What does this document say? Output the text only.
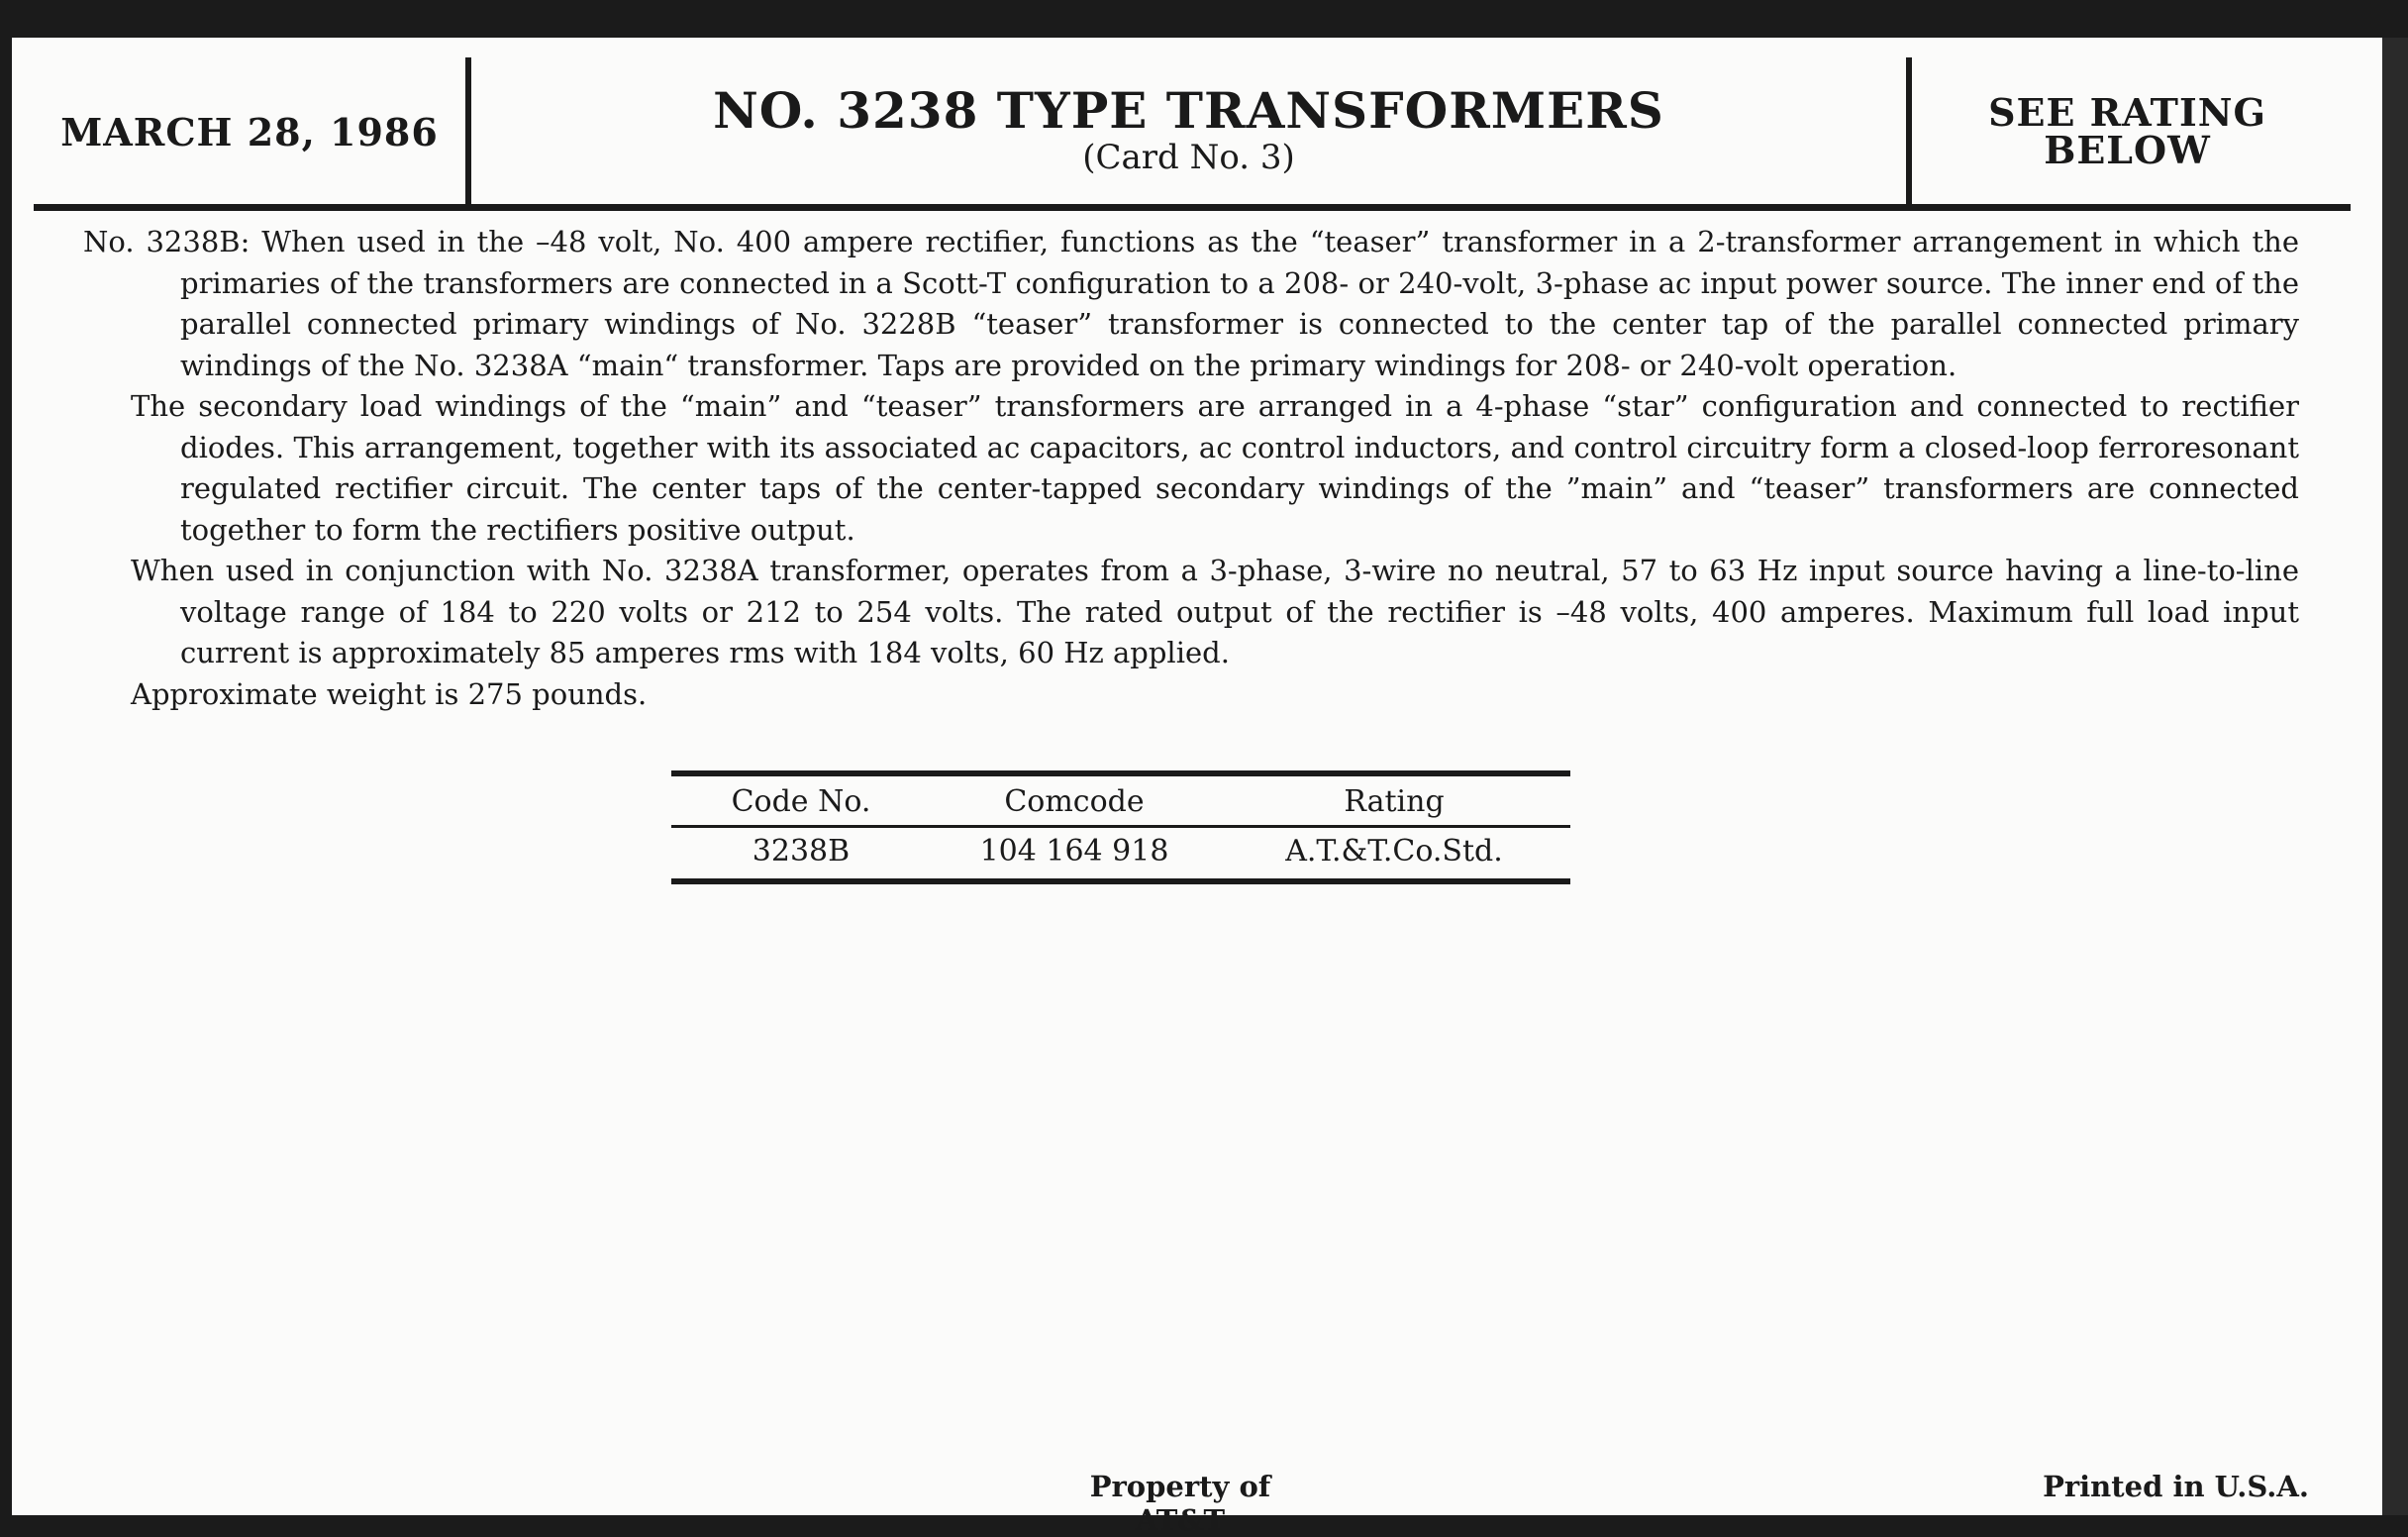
MARCH 28, 1986	NO. 3238 TYPE TRANSFORMERS
(Card No. 3)
SEE RATING
BELOW

No. 3238B: When used in the –48 volt, No. 400 ampere rectifier, functions as the “teaser” transformer in a 2-transformer arrangement in which the primaries of the transformers are connected in a Scott-T configuration to a 208- or 240-volt, 3-phase ac input power source. The inner end of the parallel connected primary windings of No. 3228B “teaser” transformer is connected to the center tap of the parallel connected primary windings of the No. 3238A “main“ transformer. Taps are provided on the primary windings for 208- or 240-volt operation.

The secondary load windings of the “main” and “teaser” transformers are arranged in a 4-phase “star” configuration and connected to rectifier diodes. This arrangement, together with its associated ac capacitors, ac control inductors, and control circuitry form a closed-loop ferroresonant regulated rectifier circuit. The center taps of the center-tapped secondary windings of the ”main” and “teaser” transformers are connected together to form the rectifiers positive output.

When used in conjunction with No. 3238A transformer, operates from a 3-phase, 3-wire no neutral, 57 to 63 Hz input source having a line-to-line voltage range of 184 to 220 volts or 212 to 254 volts. The rated output of the rectifier is –48 volts, 400 amperes. Maximum full load input current is approximately 85 amperes rms with 184 volts, 60 Hz applied.

Approximate weight is 275 pounds.

Code No.	Comcode	Rating
3238B	104 164 918	A.T.&T.Co.Std.
Property of AT&T
Printed in U.S.A.
